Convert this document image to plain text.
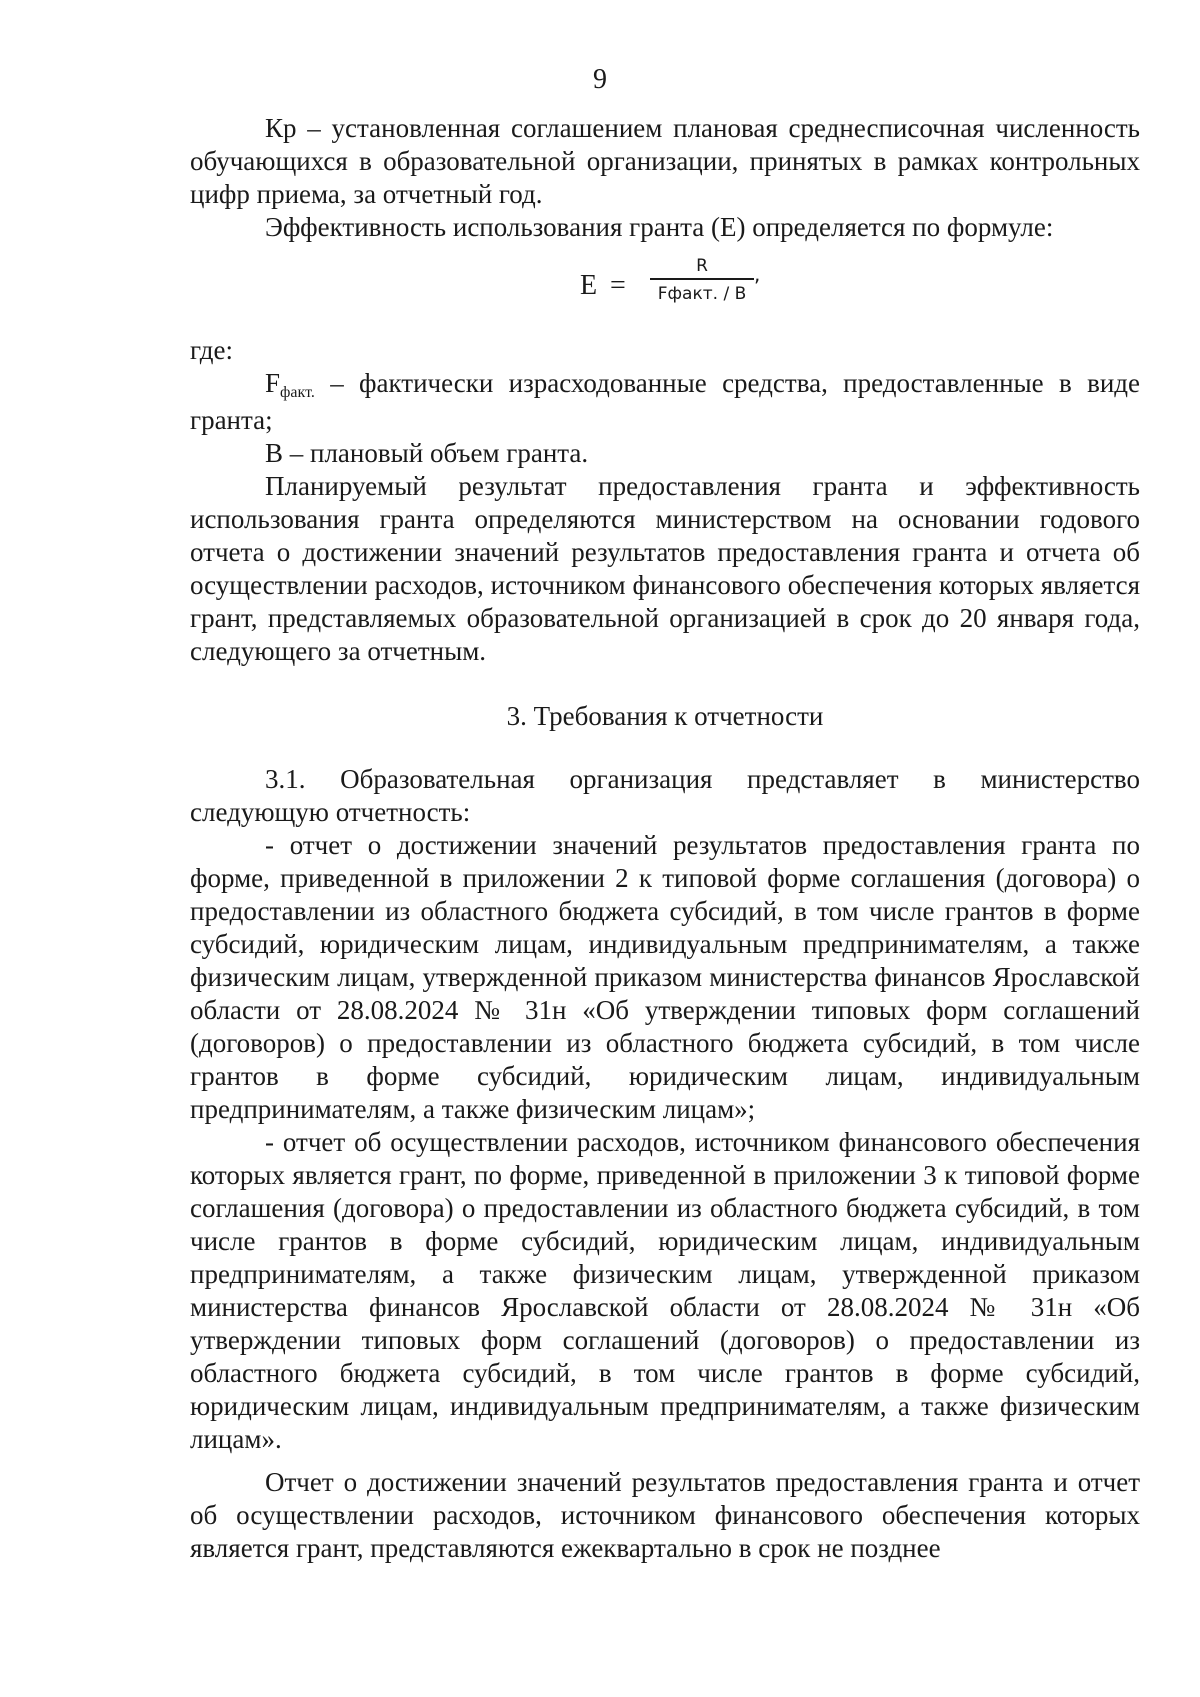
9

Кр – установленная соглашением плановая среднесписочная численность обучающихся в образовательной организации, принятых в рамках контрольных цифр приема, за отчетный год.

Эффективность использования гранта (Е) определяется по формуле:

E =
R
Fфакт. / B
,

где:

Fфакт. – фактически израсходованные средства, предоставленные в виде гранта;

В – плановый объем гранта.

Планируемый результат предоставления гранта и эффективность использования гранта определяются министерством на основании годового отчета о достижении значений результатов предоставления гранта и отчета об осуществлении расходов, источником финансового обеспечения которых является грант, представляемых образовательной организацией в срок до 20 января года, следующего за отчетным.

3. Требования к отчетности

3.1. Образовательная организация представляет в министерство следующую отчетность:

- отчет о достижении значений результатов предоставления гранта по форме, приведенной в приложении 2 к типовой форме соглашения (договора) о предоставлении из областного бюджета субсидий, в том числе грантов в форме субсидий, юридическим лицам, индивидуальным предпринимателям, а также физическим лицам, утвержденной приказом министерства финансов Ярославской области от 28.08.2024 № 31н «Об утверждении типовых форм соглашений (договоров) о предоставлении из областного бюджета субсидий, в том числе грантов в форме субсидий, юридическим лицам, индивидуальным предпринимателям, а также физическим лицам»;

- отчет об осуществлении расходов, источником финансового обеспечения которых является грант, по форме, приведенной в приложении 3 к типовой форме соглашения (договора) о предоставлении из областного бюджета субсидий, в том числе грантов в форме субсидий, юридическим лицам, индивидуальным предпринимателям, а также физическим лицам, утвержденной приказом министерства финансов Ярославской области от 28.08.2024 № 31н «Об утверждении типовых форм соглашений (договоров) о предоставлении из областного бюджета субсидий, в том числе грантов в форме субсидий, юридическим лицам, индивидуальным предпринимателям, а также физическим лицам».

Отчет о достижении значений результатов предоставления гранта и отчет об осуществлении расходов, источником финансового обеспечения которых является грант, представляются ежеквартально в срок не позднее
